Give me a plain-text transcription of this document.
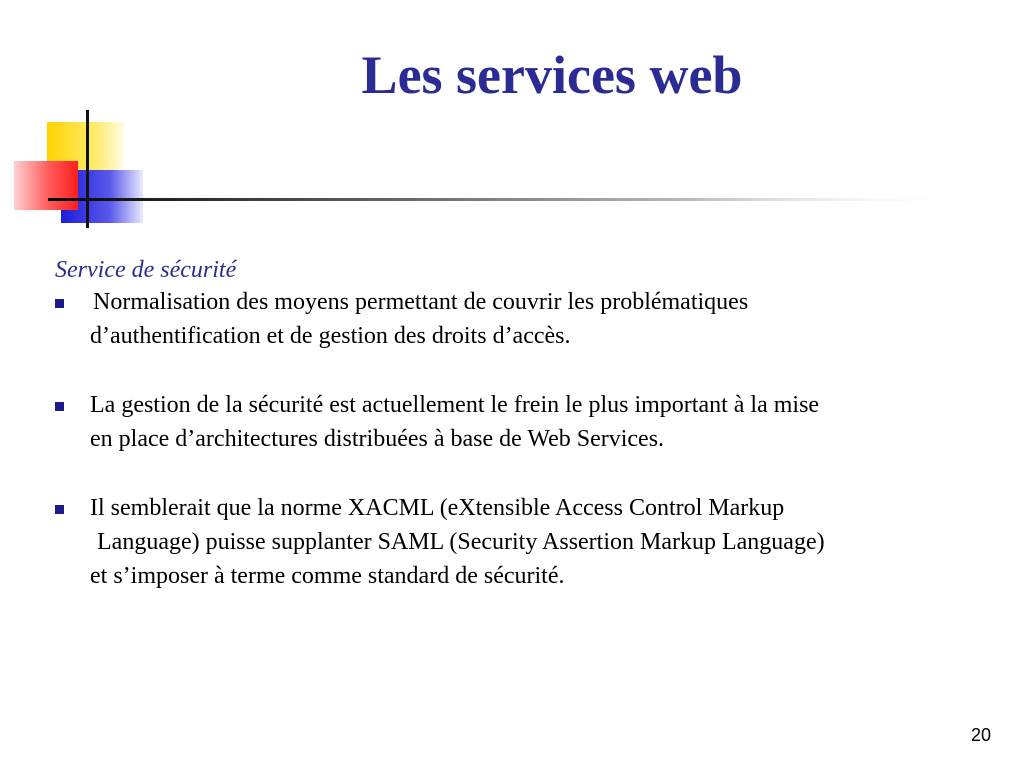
Les services web

Service de sécurité

Normalisation des moyens permettant de couvrir les problématiques
d’authentification et de gestion des droits d’accès.
La gestion de la sécurité est actuellement le frein le plus important à la mise
en place d’architectures distribuées à base de Web Services.
Il semblerait que la norme XACML (eXtensible Access Control Markup
Language) puisse supplanter SAML (Security Assertion Markup Language)
et s’imposer à terme comme standard de sécurité.
20
